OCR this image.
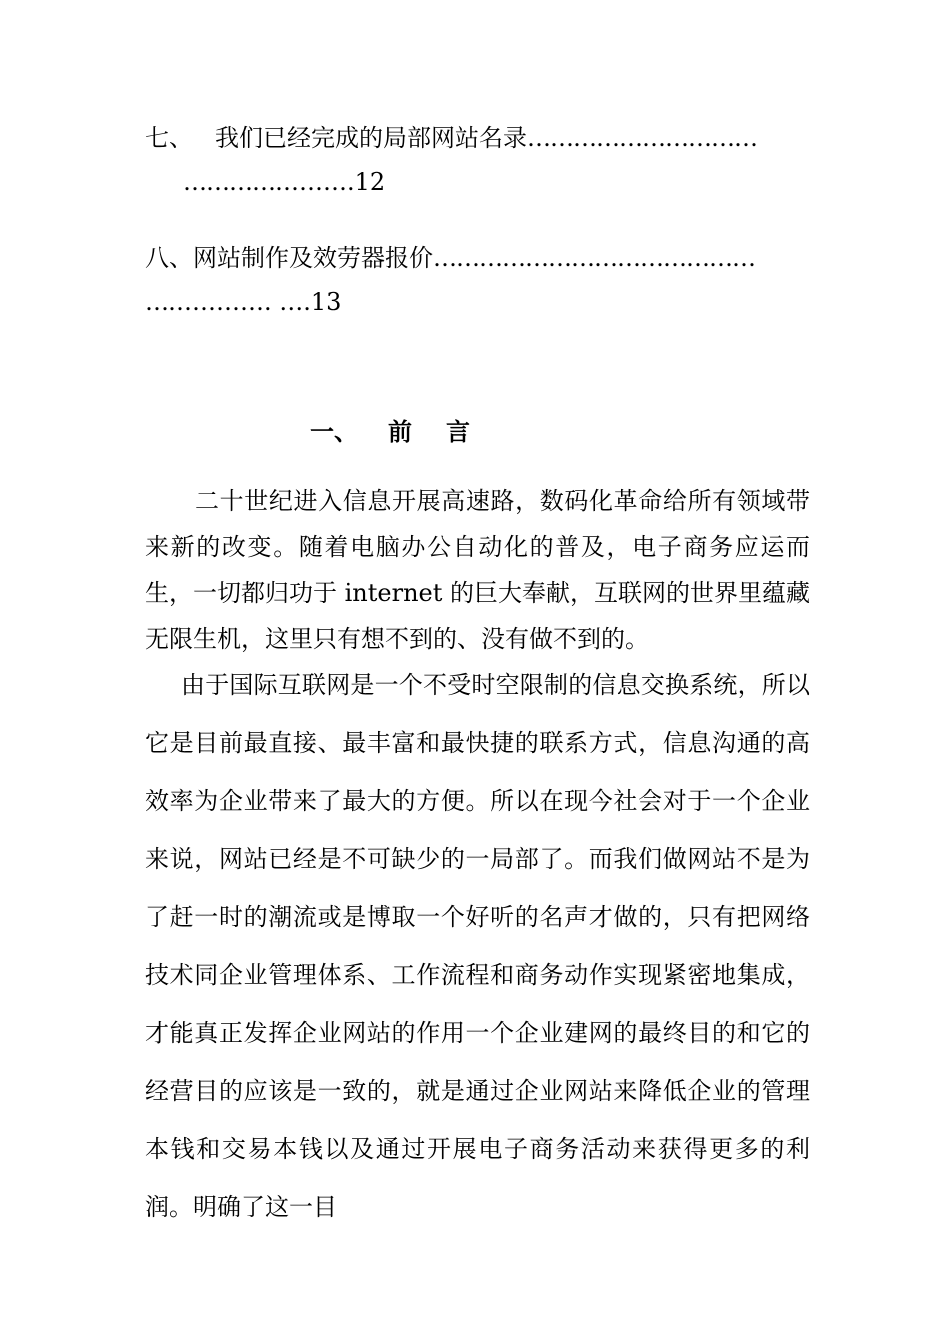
七、 我们已经完成的局部网站名录…………………………
………………….12
八、网站制作及效劳器报价……………………………………
……………. ….13
一、 前 言

二十世纪进入信息开展高速路，数码化革命给所有领域带来新的改变。随着电脑办公自动化的普及，电子商务应运而生，一切都归功于 internet 的巨大奉献，互联网的世界里蕴藏无限生机，这里只有想不到的、没有做不到的。

由于国际互联网是一个不受时空限制的信息交换系统，所以它是目前最直接、最丰富和最快捷的联系方式，信息沟通的高效率为企业带来了最大的方便。所以在现今社会对于一个企业来说，网站已经是不可缺少的一局部了。而我们做网站不是为了赶一时的潮流或是博取一个好听的名声才做的，只有把网络技术同企业管理体系、工作流程和商务动作实现紧密地集成，才能真正发挥企业网站的作用一个企业建网的最终目的和它的经营目的应该是一致的，就是通过企业网站来降低企业的管理本钱和交易本钱以及通过开展电子商务活动来获得更多的利润。明确了这一目
